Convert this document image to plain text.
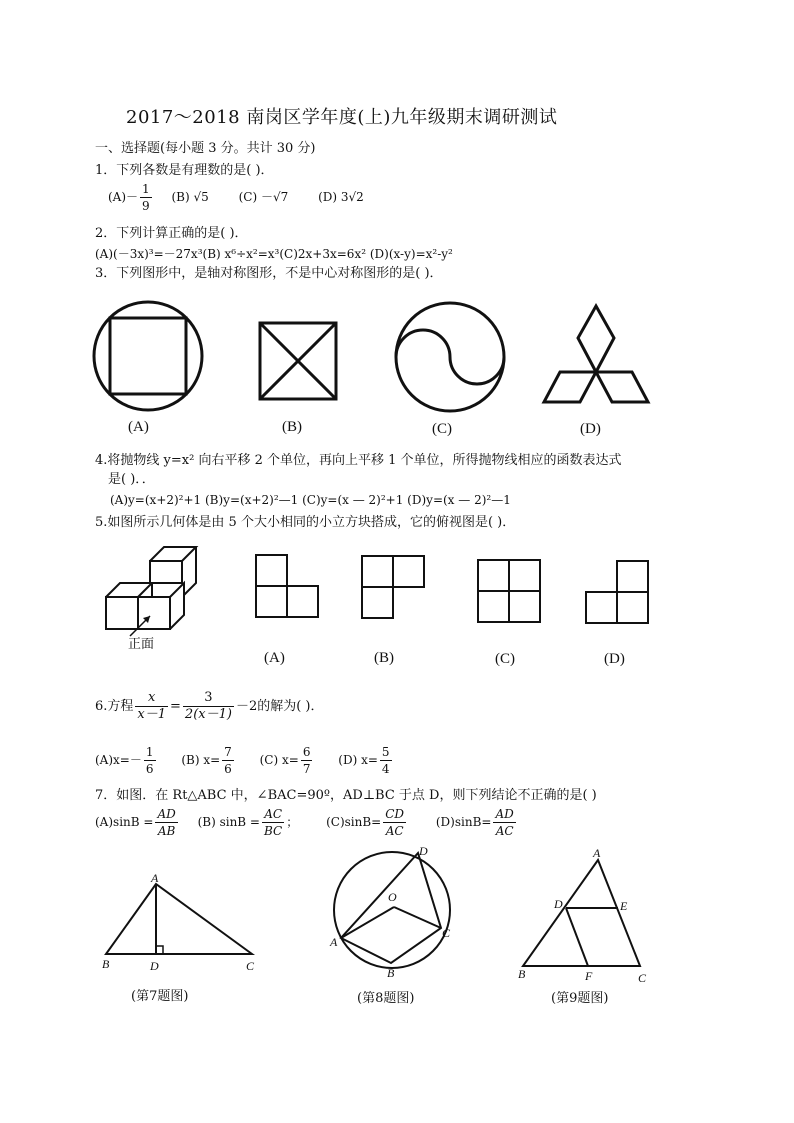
2017～2018 南岗区学年度(上)九年级期末调研测试
一、选择题(每小题 3 分。共计 30 分)
1．下列各数是有理数的是( )．
$(A)- \frac{1}{9} (B)$ √5 (C) －√7 (D) 3√2
2．下列计算正确的是( )．
(A)(－3x)³=－27x³(B) x⁶÷x²=x³(C)2x+3x=6x² (D)(x-y)=x²-y²
3．下列图形中，是轴对称图形，不是中心对称图形的是( )．
(A)	(B)	(C)	(D)
4.将抛物线 y=x² 向右平移 2 个单位，再向上平移 1 个单位，所得抛物线相应的函数表达式
是( )．．
(A)y=(x+2)²+1 (B)y=(x+2)²—1 (C)y=(x — 2)²+1 (D)y=(x — 2)²—1
5.如图所示几何体是由 5 个大小相同的小立方块搭成，它的俯视图是( )．
正面
(A)	(B)	(C)	(D)
6.方程 $\frac{x}{x-1} = \frac{3}{2(x-1)} -2$的解为( )．
$(A)x=- \frac{1}{6} (B)$ $x= \frac{7}{6} (C)$ $x= \frac{6}{7} (D)$ $x= \frac{5}{4}$
7．如图．在 Rt△ABC 中，∠BAC=90º，AD⊥BC 于点 D，则下列结论不正确的是( )
$(A)\sin B = \frac{AD}{AB} (B) \sin B = \frac{AC}{BC}$ ； $(C)\sin B= \frac{CD}{AC} (D)\sin B= \frac{AD}{AC}$
A
B	D	C
D
O
A
C
B
A
D	E
B	F	C
(第7题图)	(第8题图)	(第9题图)
